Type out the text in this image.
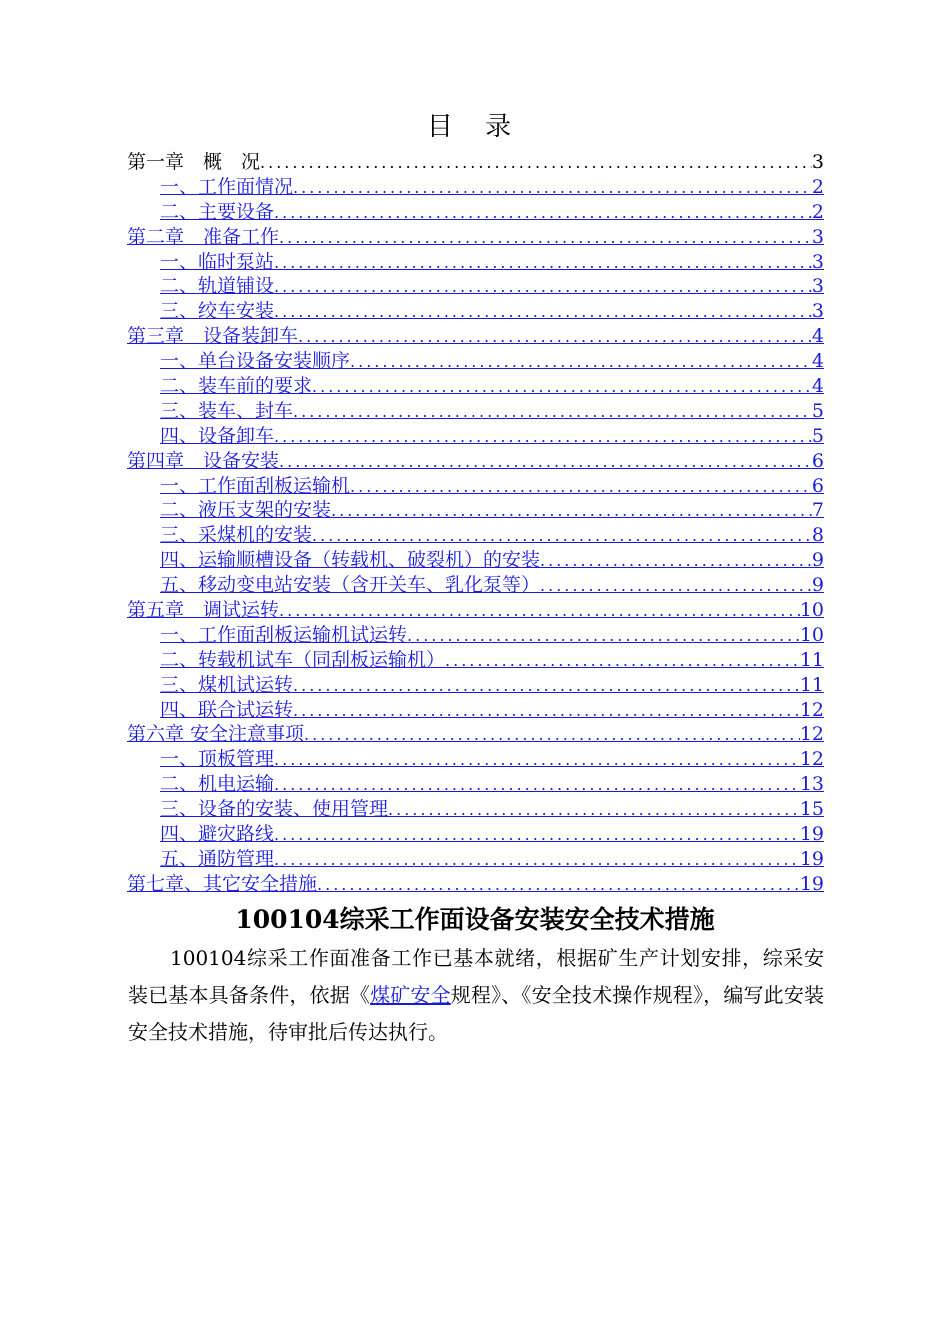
目 录
第一章　概　况 .....	3
一、工作面情况 .....	2
二、主要设备 .....	2
第二章　准备工作 .....	3
一、临时泵站 .....	3
二、轨道铺设 .....	3
三、绞车安装 .....	3
第三章　设备装卸车 .....	4
一、单台设备安装顺序 .....	4
二、装车前的要求 .....	4
三、装车、封车 .....	5
四、设备卸车 .....	5
第四章　设备安装 .....	6
一、工作面刮板运输机 .....	6
二、液压支架的安装 .....	7
三、采煤机的安装 .....	8
四、运输顺槽设备（转载机、破裂机）的安装 .....	9
五、移动变电站安装（含开关车、乳化泵等） .....	9
第五章　调试运转 .....	10
一、工作面刮板运输机试运转 .....	10
二、转载机试车（同刮板运输机） .....	11
三、煤机试运转 .....	11
四、联合试运转 .....	12
第六章 安全注意事项 .....	12
一、顶板管理 .....	12
二、机电运输 .....	13
三、设备的安装、使用管理 .....	15
四、避灾路线 .....	19
五、通防管理 .....	19
第七章、其它安全措施 .....	19
100104综采工作面设备安装安全技术措施

100104综采工作面准备工作已基本就绪，根据矿生产计划安排，综采安装已基本具备条件，依据《煤矿安全规程》、《安全技术操作规程》，编写此安装安全技术措施，待审批后传达执行。
